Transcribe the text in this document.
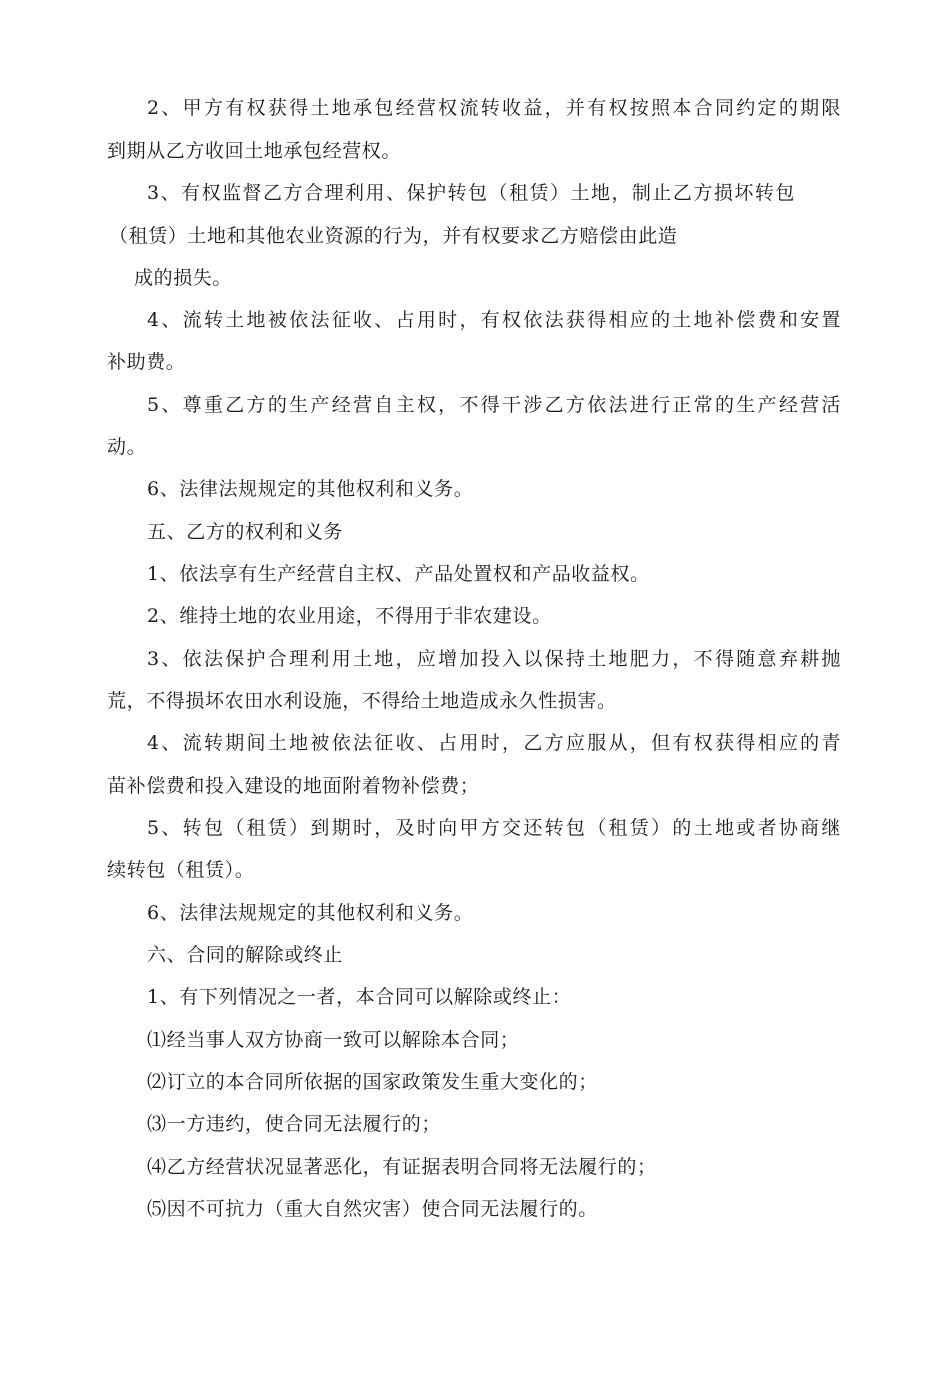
2、甲方有权获得土地承包经营权流转收益，并有权按照本合同约定的期限
到期从乙方收回土地承包经营权。
3、有权监督乙方合理利用、保护转包（租赁）土地，制止乙方损坏转包
（租赁）土地和其他农业资源的行为，并有权要求乙方赔偿由此造
成的损失。
4、流转土地被依法征收、占用时，有权依法获得相应的土地补偿费和安置
补助费。
5、尊重乙方的生产经营自主权，不得干涉乙方依法进行正常的生产经营活
动。
6、法律法规规定的其他权利和义务。
五、乙方的权利和义务
1、依法享有生产经营自主权、产品处置权和产品收益权。
2、维持土地的农业用途，不得用于非农建设。
3、依法保护合理利用土地，应增加投入以保持土地肥力，不得随意弃耕抛
荒，不得损坏农田水利设施，不得给土地造成永久性损害。
4、流转期间土地被依法征收、占用时，乙方应服从，但有权获得相应的青
苗补偿费和投入建设的地面附着物补偿费；
5、转包（租赁）到期时，及时向甲方交还转包（租赁）的土地或者协商继
续转包（租赁）。
6、法律法规规定的其他权利和义务。
六、合同的解除或终止
1、有下列情况之一者，本合同可以解除或终止：
⑴经当事人双方协商一致可以解除本合同；
⑵订立的本合同所依据的国家政策发生重大变化的；
⑶一方违约，使合同无法履行的；
⑷乙方经营状况显著恶化，有证据表明合同将无法履行的；
⑸因不可抗力（重大自然灾害）使合同无法履行的。
